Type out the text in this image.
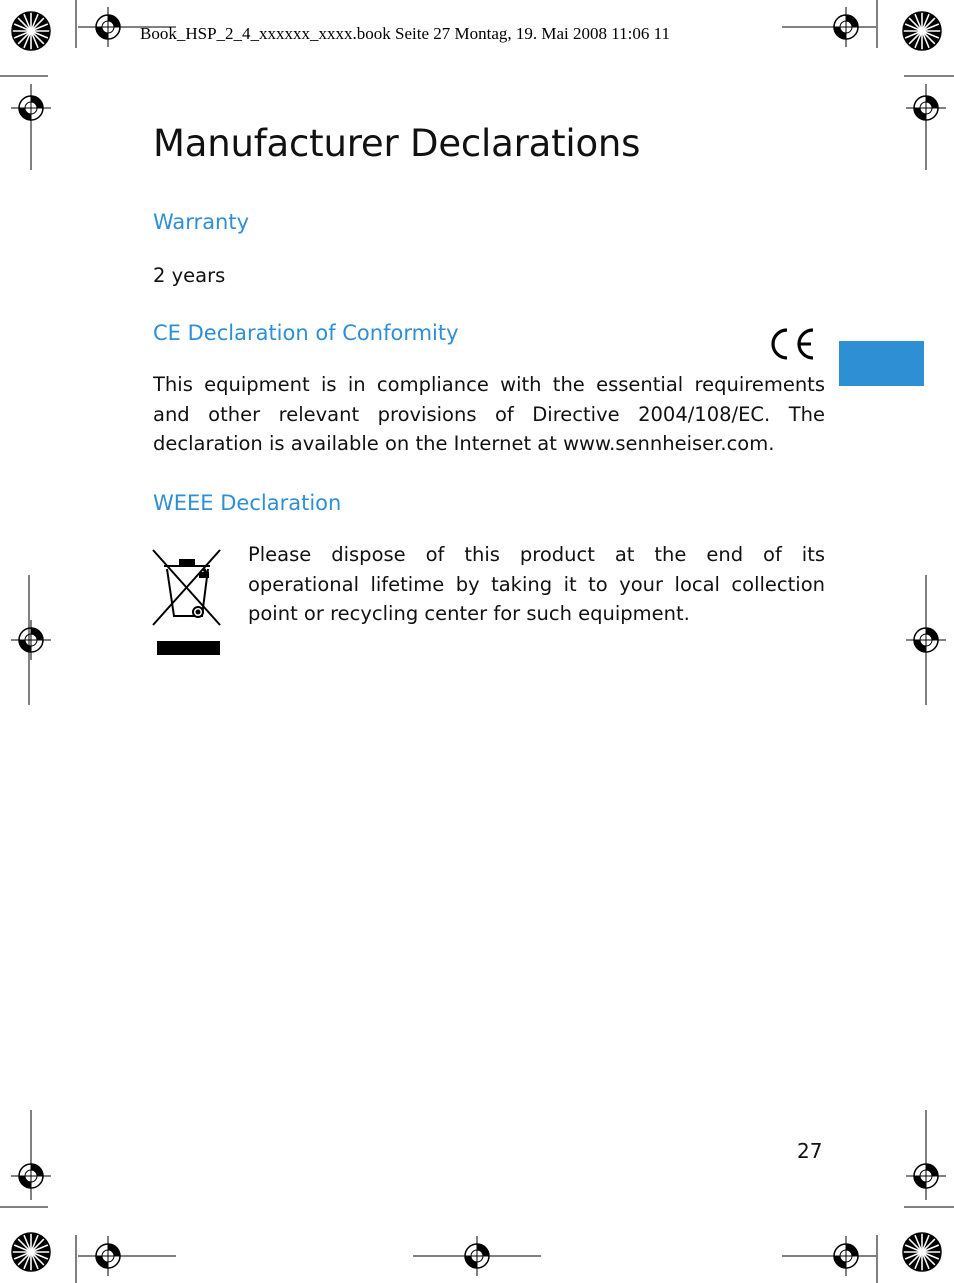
Book_HSP_2_4_xxxxxx_xxxx.book Seite 27 Montag, 19. Mai 2008 11:06 11
Manufacturer Declarations
Warranty

2 years

CE Declaration of Conformity

This equipment is in compliance with the essential requirements

and other relevant provisions of Directive 2004/108/EC. The

declaration is available on the Internet at www.sennheiser.com.

WEEE Declaration

Please dispose of this product at the end of its

operational lifetime by taking it to your local collection

point or recycling center for such equipment.

27
